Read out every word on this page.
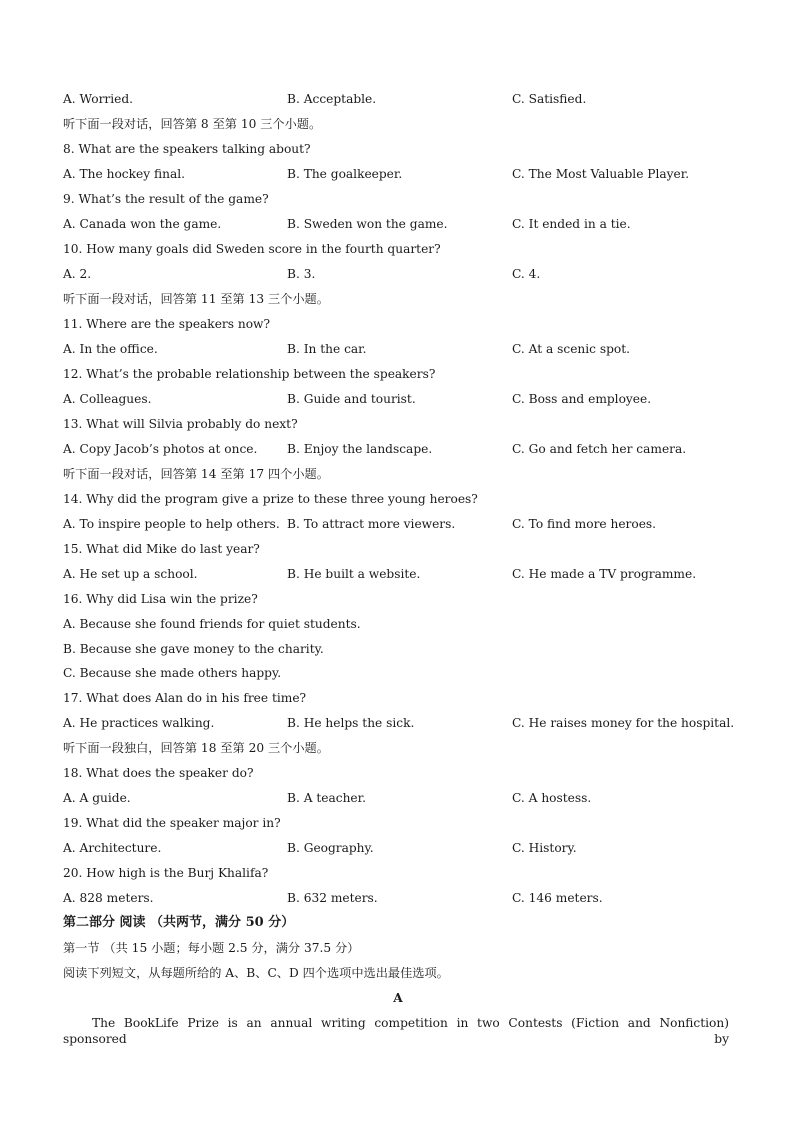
A. Worried.	B. Acceptable.	C. Satisfied.
听下面一段对话，回答第 8 至第 10 三个小题。
8. What are the speakers talking about?
A. The hockey final.	B. The goalkeeper.	C. The Most Valuable Player.
9. What’s the result of the game?
A. Canada won the game.	B. Sweden won the game.	C. It ended in a tie.
10. How many goals did Sweden score in the fourth quarter?
A. 2.	B. 3.	C. 4.
听下面一段对话，回答第 11 至第 13 三个小题。
11. Where are the speakers now?
A. In the office.	B. In the car.	C. At a scenic spot.
12. What’s the probable relationship between the speakers?
A. Colleagues.	B. Guide and tourist.	C. Boss and employee.
13. What will Silvia probably do next?
A. Copy Jacob’s photos at once. B. Enjoy the landscape.	C. Go and fetch her camera.
听下面一段对话，回答第 14 至第 17 四个小题。
14. Why did the program give a prize to these three young heroes?
A. To inspire people to help others. B. To attract more viewers.	C. To find more heroes.
15. What did Mike do last year?
A. He set up a school.	B. He built a website.	C. He made a TV programme.
16. Why did Lisa win the prize?
A. Because she found friends for quiet students.
B. Because she gave money to the charity.
C. Because she made others happy.
17. What does Alan do in his free time?
A. He practices walking.	B. He helps the sick.	C. He raises money for the hospital.
听下面一段独白，回答第 18 至第 20 三个小题。
18. What does the speaker do?
A. A guide.	B. A teacher.	C. A hostess.
19. What did the speaker major in?
A. Architecture.	B. Geography.	C. History.
20. How high is the Burj Khalifa?
A. 828 meters.	B. 632 meters.	C. 146 meters.
第二部分 阅读 （共两节，满分 50 分）
第一节 （共 15 小题；每小题 2.5 分，满分 37.5 分）
阅读下列短文，从每题所给的 A、B、C、D 四个选项中选出最佳选项。
A
The BookLife Prize is an annual writing competition in two Contests (Fiction and Nonfiction) sponsored by
